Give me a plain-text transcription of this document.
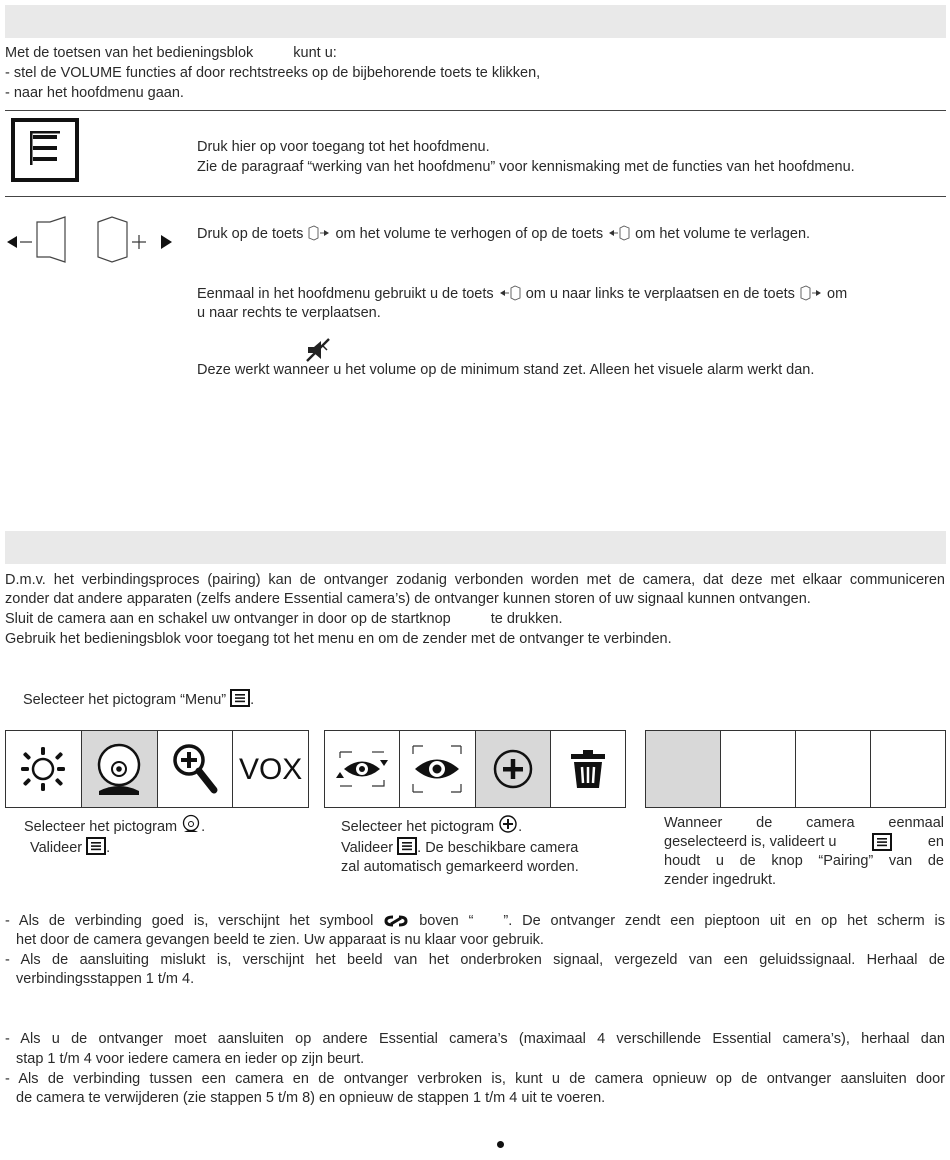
Met de toetsen van het bedieningsblok	kunt u:
- stel de VOLUME functies af door rechtstreeks op de bijbehorende toets te klikken,
- naar het hoofdmenu gaan.
Druk hier op voor toegang tot het hoofdmenu.
Zie de paragraaf “werking van het hoofdmenu” voor kennismaking met de functies van het hoofdmenu.
Druk op de toets om het volume te verhogen of op de toets om het volume te verlagen.
Eenmaal in het hoofdmenu gebruikt u de toets om u naar links te verplaatsen en de toets om
u naar rechts te verplaatsen.
Deze werkt wanneer u het volume op de minimum stand zet. Alleen het visuele alarm werkt dan.
D.m.v. het verbindingsproces (pairing) kan de ontvanger zodanig verbonden worden met de camera, dat deze met elkaar communiceren
zonder dat andere apparaten (zelfs andere Essential camera’s) de ontvanger kunnen storen of uw signaal kunnen ontvangen.
Sluit de camera aan en schakel uw ontvanger in door op de startknop	te drukken.
Gebruik het bedieningsblok voor toegang tot het menu en om de zender met de ontvanger te verbinden.
Selecteer het pictogram “Menu” .
VOX
Selecteer het pictogram .
Valideer .
Selecteer het pictogram .
Valideer . De beschikbare camera
zal automatisch gemarkeerd worden.
Wanneer de camera eenmaal
geselecteerd is, valideert u	en
houdt u de knop “Pairing” van de
zender ingedrukt.
- Als de verbinding goed is, verschijnt het symbool	boven “ ”. De ontvanger zendt een pieptoon uit en op het scherm is
het door de camera gevangen beeld te zien. Uw apparaat is nu klaar voor gebruik.
- Als de aansluiting mislukt is, verschijnt het beeld van het onderbroken signaal, vergezeld van een geluidssignaal. Herhaal de
verbindingsstappen 1 t/m 4.
- Als u de ontvanger moet aansluiten op andere Essential camera’s (maximaal 4 verschillende Essential camera’s), herhaal dan
stap 1 t/m 4 voor iedere camera en ieder op zijn beurt.
- Als de verbinding tussen een camera en de ontvanger verbroken is, kunt u de camera opnieuw op de ontvanger aansluiten door
de camera te verwijderen (zie stappen 5 t/m 8) en opnieuw de stappen 1 t/m 4 uit te voeren.
